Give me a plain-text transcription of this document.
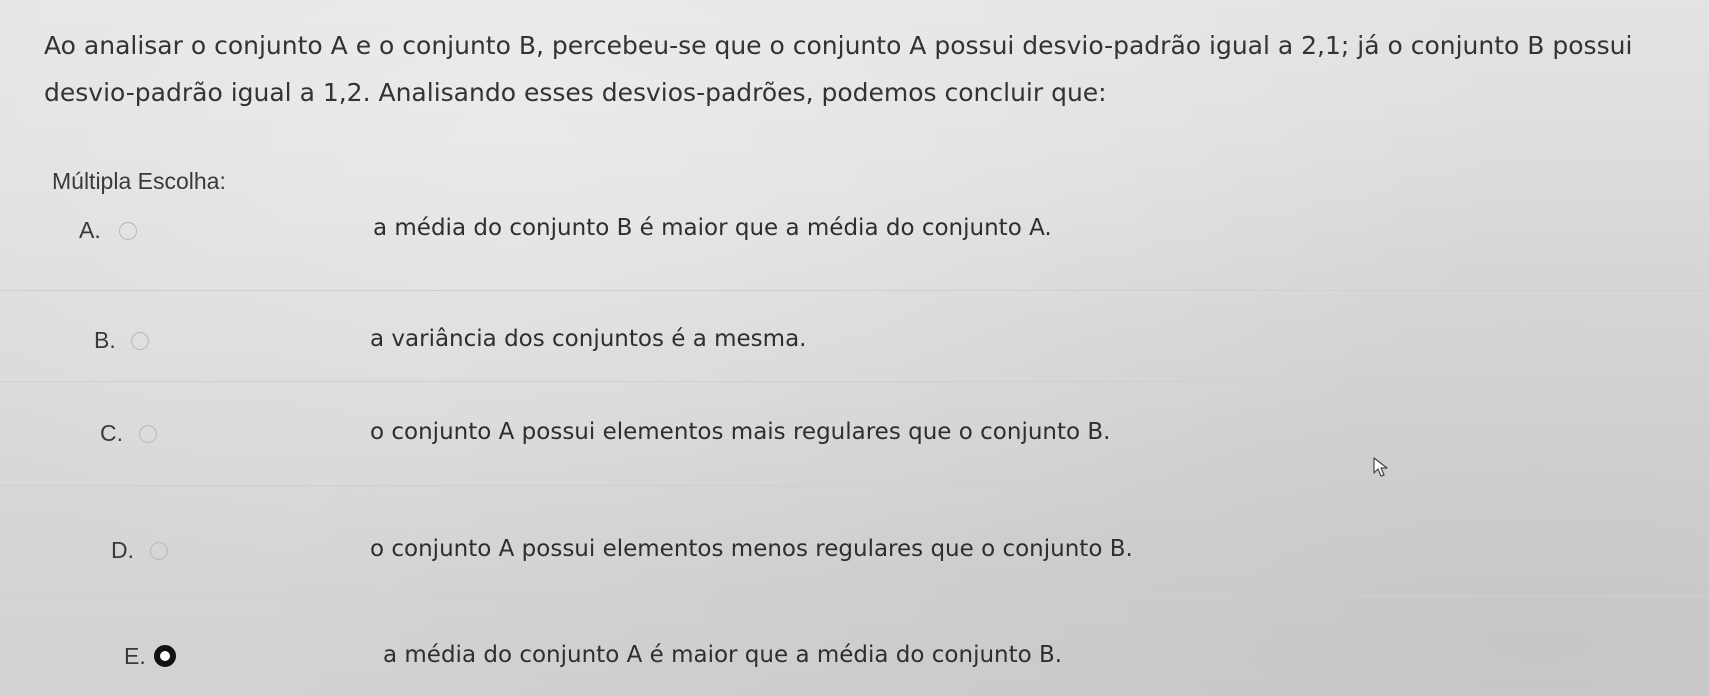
Ao analisar o conjunto A e o conjunto B, percebeu-se que o conjunto A possui desvio-padrão igual a 2,1; já o conjunto B possui
desvio-padrão igual a 1,2. Analisando esses desvios-padrões, podemos concluir que:

Múltipla Escolha:

A.	a média do conjunto B é maior que a média do conjunto A.
B.	a variância dos conjuntos é a mesma.
C.	o conjunto A possui elementos mais regulares que o conjunto B.
D.	o conjunto A possui elementos menos regulares que o conjunto B.
E.	a média do conjunto A é maior que a média do conjunto B.
